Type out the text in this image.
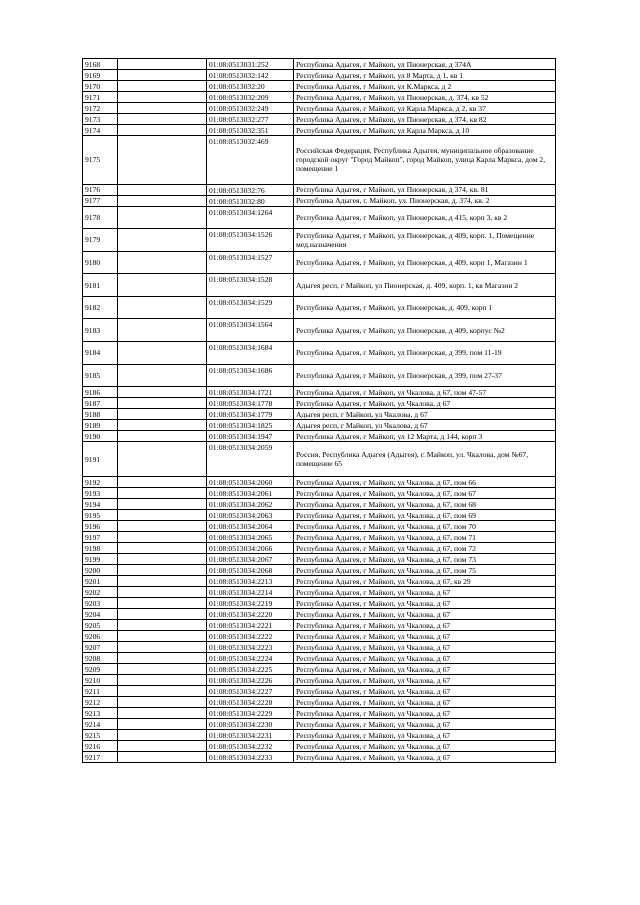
9168		01:08:0513031:252	Республика Адыгея, г Майкоп, ул Пионерская, д 374А
9169		01:08:0513032:142	Республика Адыгея, г Майкоп, ул 8 Марта, д 1, кв 1
9170		01:08:0513032:20	Республика Адыгея, г Майкоп, ул К.Маркса, д 2
9171		01:08:0513032:209	Республика Адыгея, г Майкоп, ул Пионерская, д. 374, кв 52
9172		01:08:0513032:249	Республика Адыгея, г Майкоп, ул Карла Маркса, д 2, кв 37
9173		01:08:0513032:277	Республика Адыгея, г Майкоп, ул Пионерская, д 374, кв 82
9174		01:08:0513032:351	Республика Адыгея, г Майкоп, ул Карла Маркса, д 10
9175		01:08:0513032:469	Российская Федерация, Республика Адыгея, муниципальное образование городской округ "Город Майкоп", город Майкоп, улица Карла Маркса, дом 2, помещение 1
9176		01:08:0513032:76	Республика Адыгея, г Майкоп, ул Пионерская, д 374, кв. 81
9177		01:08:0513032:80	Республика Адыгея, г. Майкоп, ул. Пионерская, д. 374, кв. 2
9178		01:08:0513034:1264	Республика Адыгея, г Майкоп, ул Пионерская, д 415, корп 3, кв 2
9179		01:08:0513034:1526	Республика Адыгея, г Майкоп, ул Пионерская, д 409, корп. 1, Помещение мед.назначения
9180		01:08:0513034:1527	Республика Адыгея, г Майкоп, ул Пионерская, д 409, корп 1, Магазин 1
9181		01:08:0513034:1528	Адыгея респ, г Майкоп, ул Пионерская, д. 409, корп. 1, кв Магазин 2
9182		01:08:0513034:1529	Республика Адыгея, г Майкоп, ул Пионерская, д. 409, корп 1
9183		01:08:0513034:1564	Республика Адыгея, г Майкоп, ул Пионерская, д 409, корпус №2
9184		01:08:0513034:1684	Республика Адыгея, г Майкоп, ул Пионерская, д 399, пом 11-19
9185		01:08:0513034:1686	Республика Адыгея, г Майкоп, ул Пионерская, д 399, пом 27-37
9186		01:08:0513034:1721	Республика Адыгея, г Майкоп, ул Чкалова, д 67, пом 47-57
9187		01:08:0513034:1778	Республика Адыгея, г Майкоп, ул Чкалова, д 67
9188		01:08:0513034:1779	Адыгея респ, г Майкоп, ул Чкалова, д 67
9189		01:08:0513034:1825	Адыгея респ, г Майкоп, ул Чкалова, д 67
9190		01:08:0513034:1947	Республика Адыгея, г Майкоп, ул 12 Марта, д 144, корп 3
9191		01:08:0513034:2059	Россия, Республика Адыгея (Адыгея), г. Майкоп, ул. Чкалова, дом №67, помещение 65
9192		01:08:0513034:2060	Республика Адыгея, г Майкоп, ул Чкалова, д 67, пом 66
9193		01:08:0513034:2061	Республика Адыгея, г Майкоп, ул Чкалова, д 67, пом 67
9194		01:08:0513034:2062	Республика Адыгея, г Майкоп, ул Чкалова, д 67, пом 68
9195		01:08:0513034:2063	Республика Адыгея, г Майкоп, ул Чкалова, д 67, пом 69
9196		01:08:0513034:2064	Республика Адыгея, г Майкоп, ул Чкалова, д 67, пом 70
9197		01:08:0513034:2065	Республика Адыгея, г Майкоп, ул Чкалова, д 67, пом 71
9198		01:08:0513034:2066	Республика Адыгея, г Майкоп, ул Чкалова, д 67, пом 72
9199		01:08:0513034:2067	Республика Адыгея, г Майкоп, ул Чкалова, д 67, пом 73
9200		01:08:0513034:2068	Республика Адыгея, г Майкоп, ул Чкалова, д 67, пом 75
9201		01:08:0513034:2213	Республика Адыгея, г Майкоп, ул Чкалова, д 67, кв 29
9202		01:08:0513034:2214	Республика Адыгея, г Майкоп, ул Чкалова, д 67
9203		01:08:0513034:2219	Республика Адыгея, г Майкоп, ул Чкалова, д 67
9204		01:08:0513034:2220	Республика Адыгея, г Майкоп, ул Чкалова, д 67
9205		01:08:0513034:2221	Республика Адыгея, г Майкоп, ул Чкалова, д 67
9206		01:08:0513034:2222	Республика Адыгея, г Майкоп, ул Чкалова, д 67
9207		01:08:0513034:2223	Республика Адыгея, г Майкоп, ул Чкалова, д 67
9208		01:08:0513034:2224	Республика Адыгея, г Майкоп, ул Чкалова, д 67
9209		01:08:0513034:2225	Республика Адыгея, г Майкоп, ул Чкалова, д 67
9210		01:08:0513034:2226	Республика Адыгея, г Майкоп, ул Чкалова, д 67
9211		01:08:0513034:2227	Республика Адыгея, г Майкоп, ул Чкалова, д 67
9212		01:08:0513034:2228	Республика Адыгея, г Майкоп, ул Чкалова, д 67
9213		01:08:0513034:2229	Республика Адыгея, г Майкоп, ул Чкалова, д 67
9214		01:08:0513034:2230	Республика Адыгея, г Майкоп, ул Чкалова, д 67
9215		01:08:0513034:2231	Республика Адыгея, г Майкоп, ул Чкалова, д 67
9216		01:08:0513034:2232	Республика Адыгея, г Майкоп, ул Чкалова, д 67
9217		01:08:0513034:2233	Республика Адыгея, г Майкоп, ул Чкалова, д 67
